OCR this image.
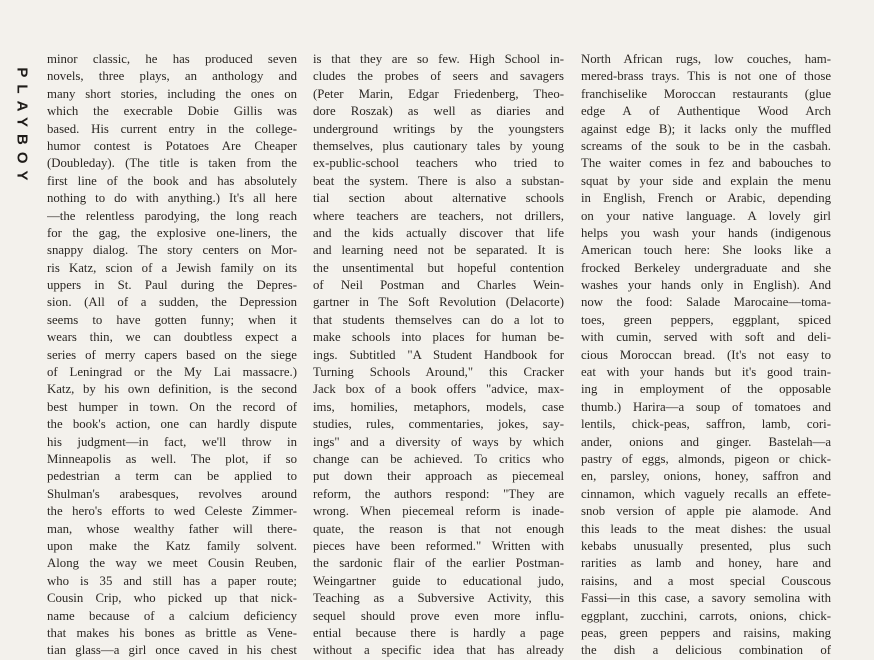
PLAYBOY
minor classic, he has produced seven
novels, three plays, an anthology and
many short stories, including the ones on
which the execrable Dobie Gillis was
based. His current entry in the college-
humor contest is Potatoes Are Cheaper
(Doubleday). (The title is taken from the
first line of the book and has absolutely
nothing to do with anything.) It's all here
—the relentless parodying, the long reach
for the gag, the explosive one-liners, the
snappy dialog. The story centers on Mor-
ris Katz, scion of a Jewish family on its
uppers in St. Paul during the Depres-
sion. (All of a sudden, the Depression
seems to have gotten funny; when it
wears thin, we can doubtless expect a
series of merry capers based on the siege
of Leningrad or the My Lai massacre.)
Katz, by his own definition, is the second
best humper in town. On the record of
the book's action, one can hardly dispute
his judgment—in fact, we'll throw in
Minneapolis as well. The plot, if so
pedestrian a term can be applied to
Shulman's arabesques, revolves around
the hero's efforts to wed Celeste Zimmer-
man, whose wealthy father will there-
upon make the Katz family solvent.
Along the way we meet Cousin Reuben,
who is 35 and still has a paper route;
Cousin Crip, who picked up that nick-
name because of a calcium deficiency
that makes his bones as brittle as Vene-
tian glass—a girl once caved in his chest
is that they are so few. High School in-
cludes the probes of seers and savagers
(Peter Marin, Edgar Friedenberg, Theo-
dore Roszak) as well as diaries and
underground writings by the youngsters
themselves, plus cautionary tales by young
ex-public-school teachers who tried to
beat the system. There is also a substan-
tial section about alternative schools
where teachers are teachers, not drillers,
and the kids actually discover that life
and learning need not be separated. It is
the unsentimental but hopeful contention
of Neil Postman and Charles Wein-
gartner in The Soft Revolution (Delacorte)
that students themselves can do a lot to
make schools into places for human be-
ings. Subtitled "A Student Handbook for
Turning Schools Around," this Cracker
Jack box of a book offers "advice, max-
ims, homilies, metaphors, models, case
studies, rules, commentaries, jokes, say-
ings" and a diversity of ways by which
change can be achieved. To critics who
put down their approach as piecemeal
reform, the authors respond: "They are
wrong. When piecemeal reform is inade-
quate, the reason is that not enough
pieces have been reformed." Written with
the sardonic flair of the earlier Postman-
Weingartner guide to educational judo,
Teaching as a Subversive Activity, this
sequel should prove even more influ-
ential because there is hardly a page
without a specific idea that has already
North African rugs, low couches, ham-
mered-brass trays. This is not one of those
franchiselike Moroccan restaurants (glue
edge A of Authentique Wood Arch
against edge B); it lacks only the muffled
screams of the souk to be in the casbah.
The waiter comes in fez and babouches to
squat by your side and explain the menu
in English, French or Arabic, depending
on your native language. A lovely girl
helps you wash your hands (indigenous
American touch here: She looks like a
frocked Berkeley undergraduate and she
washes your hands only in English). And
now the food: Salade Marocaine—toma-
toes, green peppers, eggplant, spiced
with cumin, served with soft and deli-
cious Moroccan bread. (It's not easy to
eat with your hands but it's good train-
ing in employment of the opposable
thumb.) Harira—a soup of tomatoes and
lentils, chick-peas, saffron, lamb, cori-
ander, onions and ginger. Bastelah—a
pastry of eggs, almonds, pigeon or chick-
en, parsley, onions, honey, saffron and
cinnamon, which vaguely recalls an effete-
snob version of apple pie alamode. And
this leads to the meat dishes: the usual
kebabs unusually presented, plus such
rarities as lamb and honey, hare and
raisins, and a most special Couscous
Fassi—in this case, a savory semolina with
eggplant, zucchini, carrots, onions, chick-
peas, green peppers and raisins, making
the dish a delicious combination of
